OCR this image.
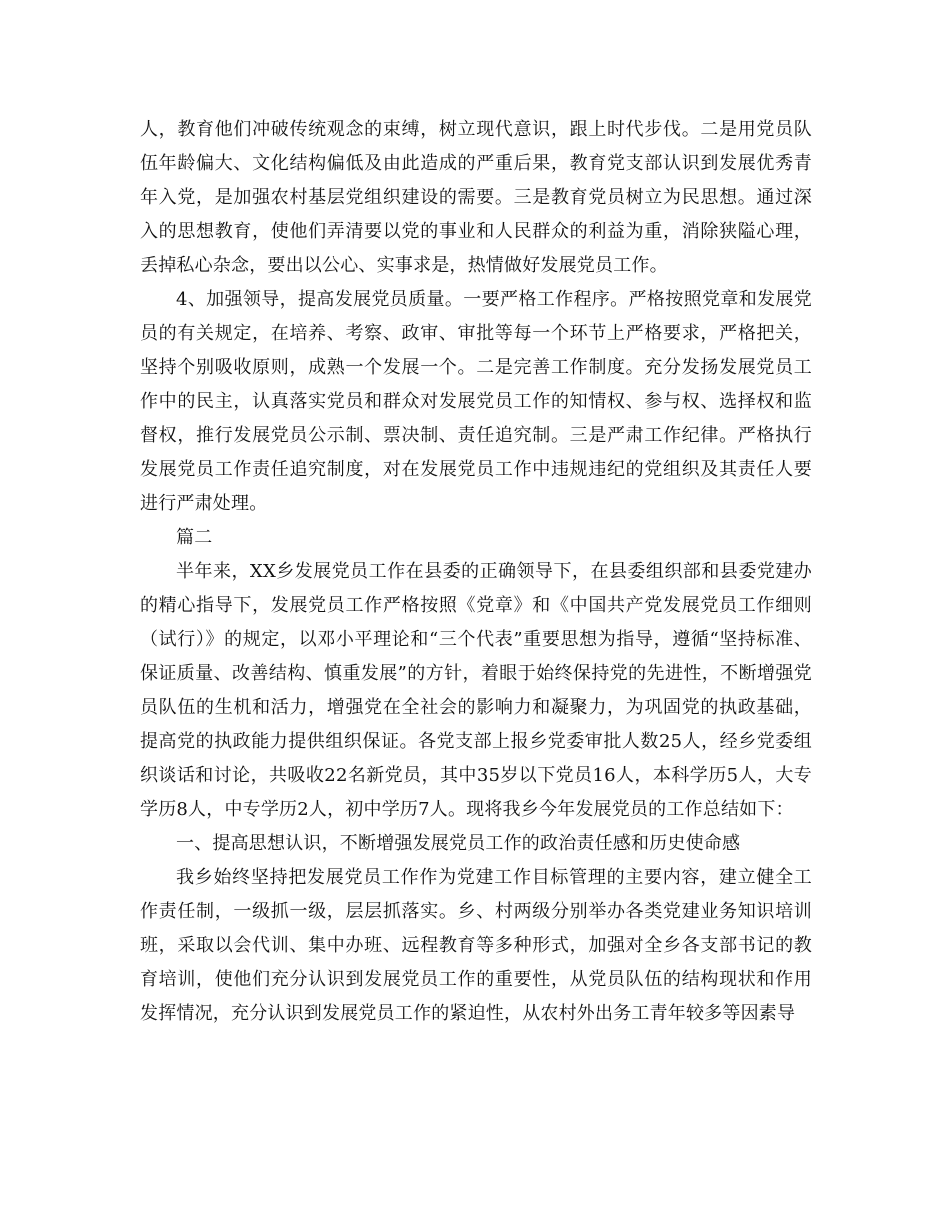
人，教育他们冲破传统观念的束缚，树立现代意识，跟上时代步伐。二是用党员队伍年龄偏大、文化结构偏低及由此造成的严重后果，教育党支部认识到发展优秀青年入党，是加强农村基层党组织建设的需要。三是教育党员树立为民思想。通过深入的思想教育，使他们弄清要以党的事业和人民群众的利益为重，消除狭隘心理，丢掉私心杂念，要出以公心、实事求是，热情做好发展党员工作。

4、加强领导，提高发展党员质量。一要严格工作程序。严格按照党章和发展党员的有关规定，在培养、考察、政审、审批等每一个环节上严格要求，严格把关，坚持个别吸收原则，成熟一个发展一个。二是完善工作制度。充分发扬发展党员工作中的民主，认真落实党员和群众对发展党员工作的知情权、参与权、选择权和监督权，推行发展党员公示制、票决制、责任追究制。三是严肃工作纪律。严格执行发展党员工作责任追究制度，对在发展党员工作中违规违纪的党组织及其责任人要进行严肃处理。

篇二

半年来，XX乡发展党员工作在县委的正确领导下，在县委组织部和县委党建办的精心指导下，发展党员工作严格按照《党章》和《中国共产党发展党员工作细则（试行）》的规定，以邓小平理论和“三个代表”重要思想为指导，遵循“坚持标准、保证质量、改善结构、慎重发展”的方针，着眼于始终保持党的先进性，不断增强党员队伍的生机和活力，增强党在全社会的影响力和凝聚力，为巩固党的执政基础，提高党的执政能力提供组织保证。各党支部上报乡党委审批人数25人，经乡党委组织谈话和讨论，共吸收22名新党员，其中35岁以下党员16人，本科学历5人，大专学历8人，中专学历2人，初中学历7人。现将我乡今年发展党员的工作总结如下：

一、提高思想认识，不断增强发展党员工作的政治责任感和历史使命感

我乡始终坚持把发展党员工作作为党建工作目标管理的主要内容，建立健全工作责任制，一级抓一级，层层抓落实。乡、村两级分别举办各类党建业务知识培训班，采取以会代训、集中办班、远程教育等多种形式，加强对全乡各支部书记的教育培训，使他们充分认识到发展党员工作的重要性，从党员队伍的结构现状和作用发挥情况，充分认识到发展党员工作的紧迫性，从农村外出务工青年较多等因素导
